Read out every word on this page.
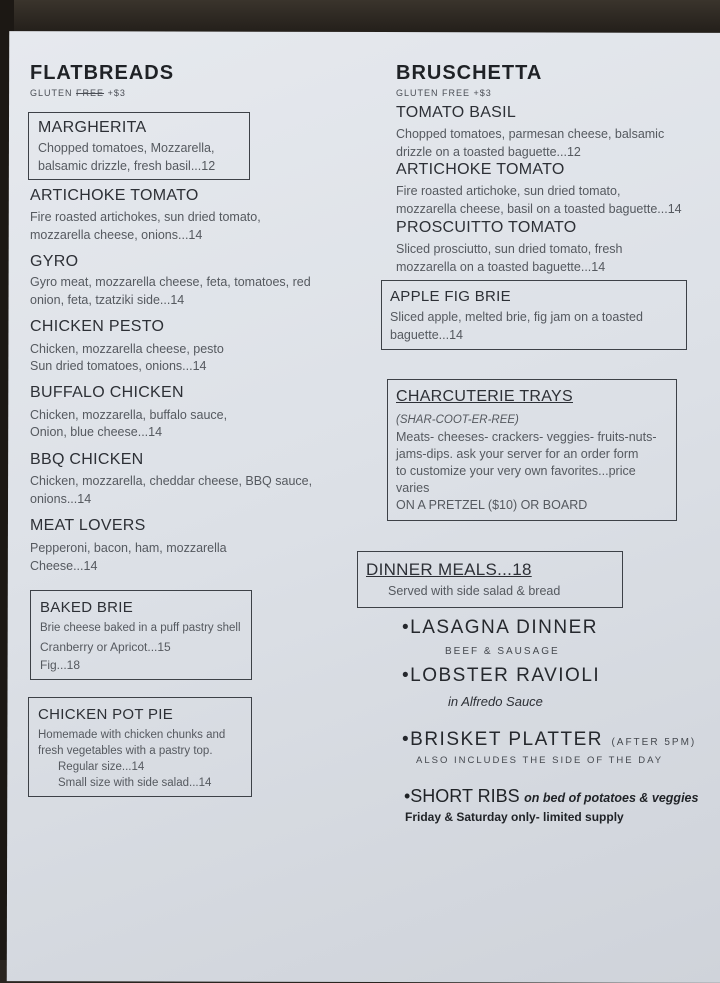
FLATBREADS
GLUTEN FREE +$3
MARGHERITA
Chopped tomatoes, Mozzarella,
balsamic drizzle, fresh basil...12
ARTICHOKE TOMATO
Fire roasted artichokes, sun dried tomato,
mozzarella cheese, onions...14
GYRO
Gyro meat, mozzarella cheese, feta, tomatoes, red
onion, feta, tzatziki side...14
CHICKEN PESTO
Chicken, mozzarella cheese, pesto
Sun dried tomatoes, onions...14
BUFFALO CHICKEN
Chicken, mozzarella, buffalo sauce,
Onion, blue cheese...14
BBQ CHICKEN
Chicken, mozzarella, cheddar cheese, BBQ sauce,
onions...14
MEAT LOVERS
Pepperoni, bacon, ham, mozzarella
Cheese...14
BAKED BRIE
Brie cheese baked in a puff pastry shell
Cranberry or Apricot...15
Fig...18
CHICKEN POT PIE
Homemade with chicken chunks and
fresh vegetables with a pastry top.
Regular size...14
Small size with side salad...14
BRUSCHETTA
GLUTEN FREE +$3
TOMATO BASIL
Chopped tomatoes, parmesan cheese, balsamic
drizzle on a toasted baguette...12
ARTICHOKE TOMATO
Fire roasted artichoke, sun dried tomato,
mozzarella cheese, basil on a toasted baguette...14
PROSCUITTO TOMATO
Sliced prosciutto, sun dried tomato, fresh
mozzarella on a toasted baguette...14
APPLE FIG BRIE
Sliced apple, melted brie, fig jam on a toasted
baguette...14
CHARCUTERIE TRAYS
(SHAR-COOT-ER-REE)
Meats- cheeses- crackers- veggies- fruits-nuts-
jams-dips. ask your server for an order form
to customize your very own favorites...price
varies
ON A PRETZEL ($10) OR BOARD
DINNER MEALS...18
Served with side salad & bread
•LASAGNA DINNER
BEEF & SAUSAGE
•LOBSTER RAVIOLI
in Alfredo Sauce
•BRISKET PLATTER (AFTER 5PM)
ALSO INCLUDES THE SIDE OF THE DAY
•SHORT RIBS on bed of potatoes & veggies
Friday & Saturday only- limited supply
